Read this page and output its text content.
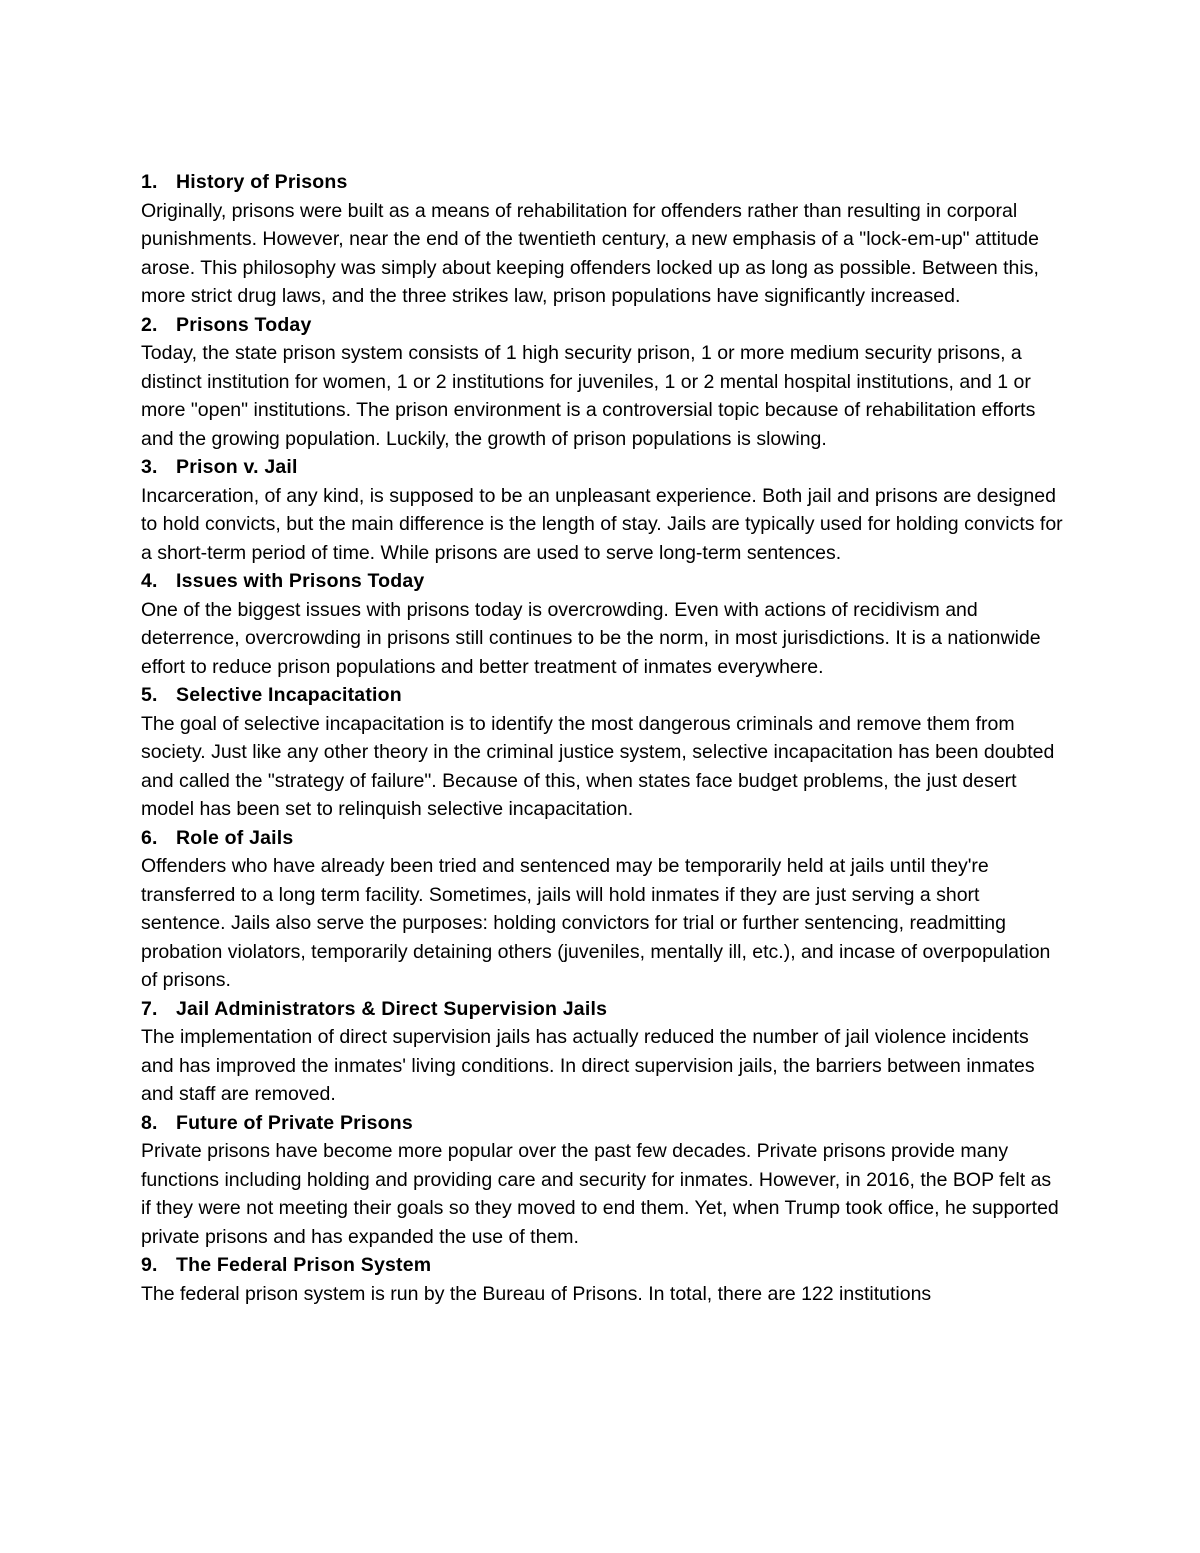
1. History of Prisons

Originally, prisons were built as a means of rehabilitation for offenders rather than resulting in corporal punishments. However, near the end of the twentieth century, a new emphasis of a "lock-em-up" attitude arose. This philosophy was simply about keeping offenders locked up as long as possible. Between this, more strict drug laws, and the three strikes law, prison populations have significantly increased.

2. Prisons Today

Today, the state prison system consists of 1 high security prison, 1 or more medium security prisons, a distinct institution for women, 1 or 2 institutions for juveniles, 1 or 2 mental hospital institutions, and 1 or more "open" institutions. The prison environment is a controversial topic because of rehabilitation efforts and the growing population. Luckily, the growth of prison populations is slowing.

3. Prison v. Jail

Incarceration, of any kind, is supposed to be an unpleasant experience. Both jail and prisons are designed to hold convicts, but the main difference is the length of stay. Jails are typically used for holding convicts for a short-term period of time. While prisons are used to serve long-term sentences.

4. Issues with Prisons Today

One of the biggest issues with prisons today is overcrowding. Even with actions of recidivism and deterrence, overcrowding in prisons still continues to be the norm, in most jurisdictions. It is a nationwide effort to reduce prison populations and better treatment of inmates everywhere.

5. Selective Incapacitation

The goal of selective incapacitation is to identify the most dangerous criminals and remove them from society. Just like any other theory in the criminal justice system, selective incapacitation has been doubted and called the "strategy of failure". Because of this, when states face budget problems, the just desert model has been set to relinquish selective incapacitation.

6. Role of Jails

Offenders who have already been tried and sentenced may be temporarily held at jails until they're transferred to a long term facility. Sometimes, jails will hold inmates if they are just serving a short sentence. Jails also serve the purposes: holding convictors for trial or further sentencing, readmitting probation violators, temporarily detaining others (juveniles, mentally ill, etc.), and incase of overpopulation of prisons.

7. Jail Administrators & Direct Supervision Jails

The implementation of direct supervision jails has actually reduced the number of jail violence incidents and has improved the inmates' living conditions. In direct supervision jails, the barriers between inmates and staff are removed.

8. Future of Private Prisons

Private prisons have become more popular over the past few decades. Private prisons provide many functions including holding and providing care and security for inmates. However, in 2016, the BOP felt as if they were not meeting their goals so they moved to end them. Yet, when Trump took office, he supported private prisons and has expanded the use of them.

9. The Federal Prison System

The federal prison system is run by the Bureau of Prisons. In total, there are 122 institutions
